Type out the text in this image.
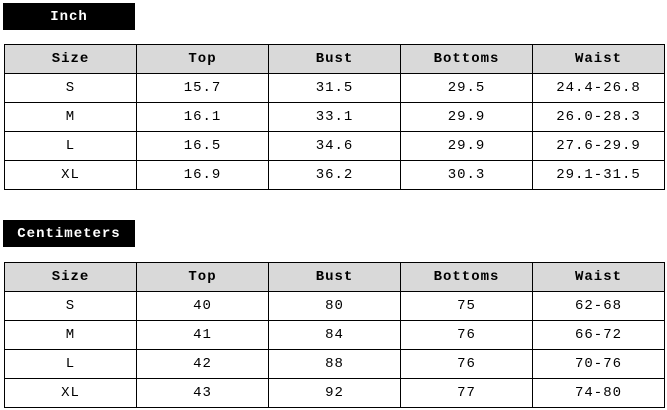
Inch
Size	Top	Bust	Bottoms	Waist
S	15.7	31.5	29.5	24.4-26.8
M	16.1	33.1	29.9	26.0-28.3
L	16.5	34.6	29.9	27.6-29.9
XL	16.9	36.2	30.3	29.1-31.5
Centimeters
Size	Top	Bust	Bottoms	Waist
S	40	80	75	62-68
M	41	84	76	66-72
L	42	88	76	70-76
XL	43	92	77	74-80
